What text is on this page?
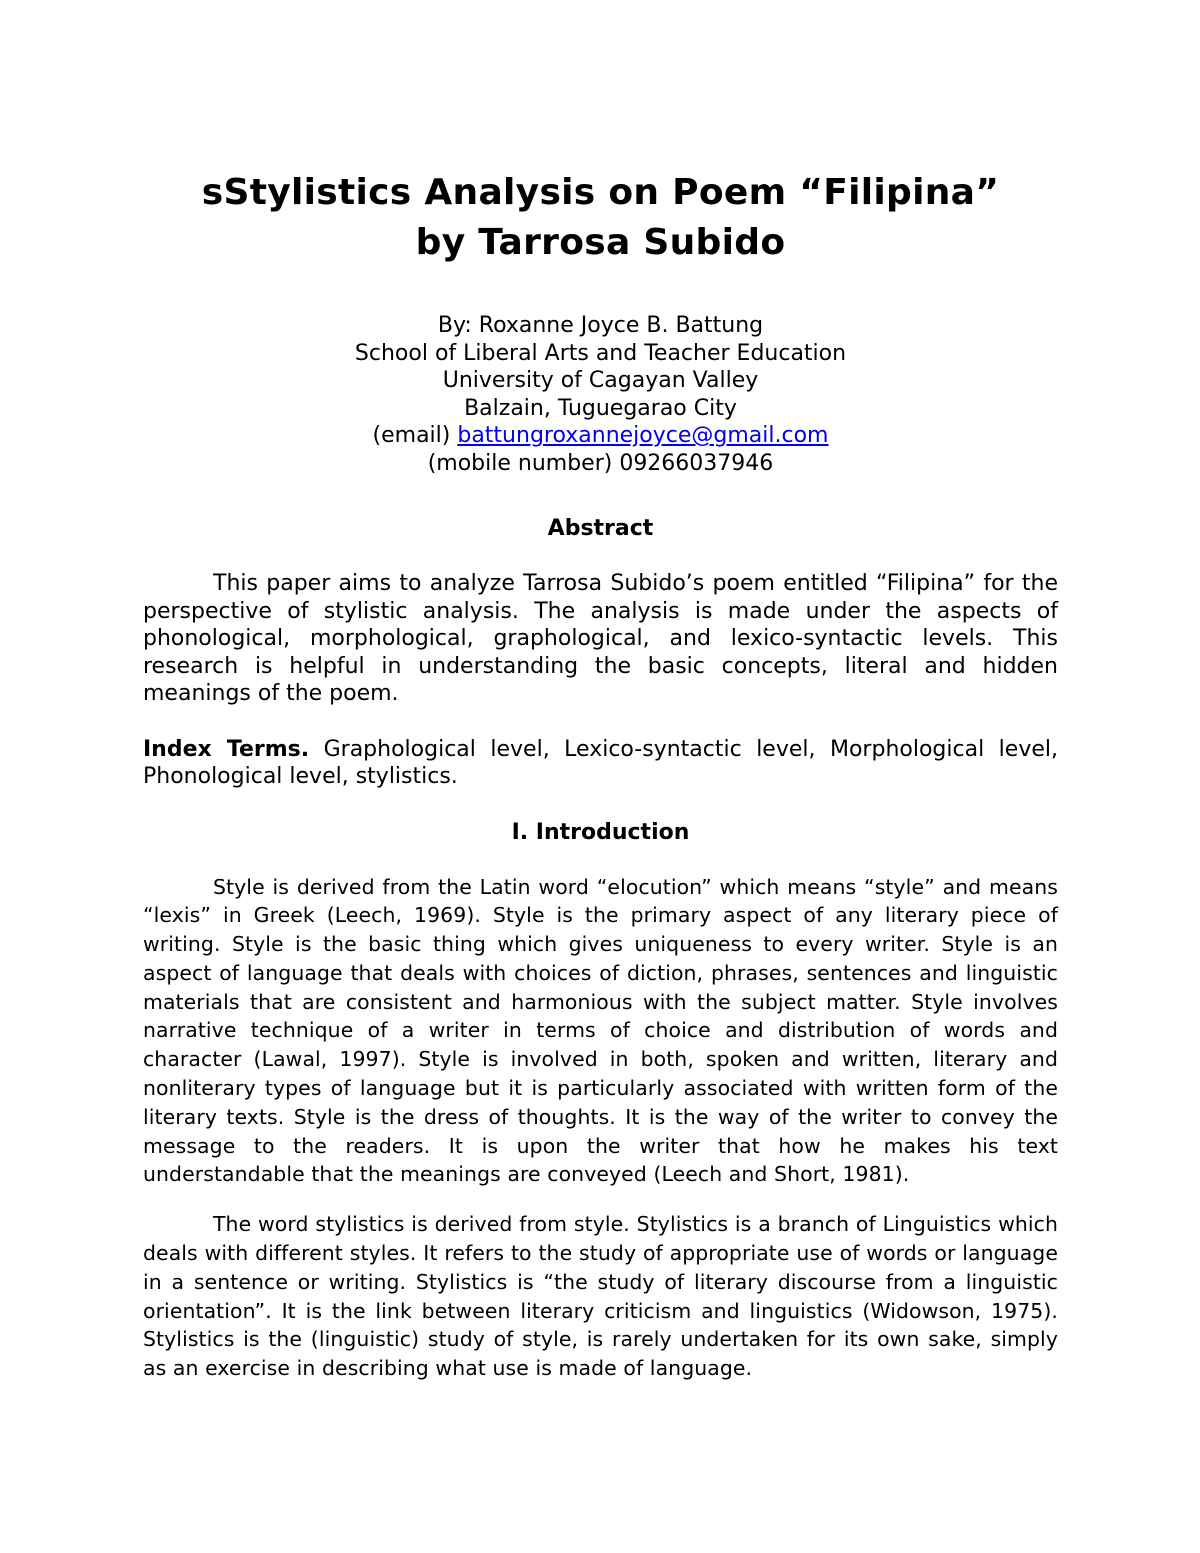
sStylistics Analysis on Poem “Filipina”
by Tarrosa Subido
By: Roxanne Joyce B. Battung
School of Liberal Arts and Teacher Education
University of Cagayan Valley
Balzain, Tuguegarao City
(email) battungroxannejoyce@gmail.com
(mobile number) 09266037946
Abstract

This paper aims to analyze Tarrosa Subido’s poem entitled “Filipina” for the perspective of stylistic analysis. The analysis is made under the aspects of phonological, morphological, graphological, and lexico-syntactic levels. This research is helpful in understanding the basic concepts, literal and hidden meanings of the poem.

Index Terms. Graphological level, Lexico-syntactic level, Morphological level, Phonological level, stylistics.

I. Introduction

Style is derived from the Latin word “elocution” which means “style” and means “lexis” in Greek (Leech, 1969). Style is the primary aspect of any literary piece of writing. Style is the basic thing which gives uniqueness to every writer. Style is an aspect of language that deals with choices of diction, phrases, sentences and linguistic materials that are consistent and harmonious with the subject matter. Style involves narrative technique of a writer in terms of choice and distribution of words and character (Lawal, 1997). Style is involved in both, spoken and written, literary and nonliterary types of language but it is particularly associated with written form of the literary texts. Style is the dress of thoughts. It is the way of the writer to convey the message to the readers. It is upon the writer that how he makes his text understandable that the meanings are conveyed (Leech and Short, 1981).

The word stylistics is derived from style. Stylistics is a branch of Linguistics which deals with different styles. It refers to the study of appropriate use of words or language in a sentence or writing. Stylistics is “the study of literary discourse from a linguistic orientation”. It is the link between literary criticism and linguistics (Widowson, 1975). Stylistics is the (linguistic) study of style, is rarely undertaken for its own sake, simply as an exercise in describing what use is made of language.
